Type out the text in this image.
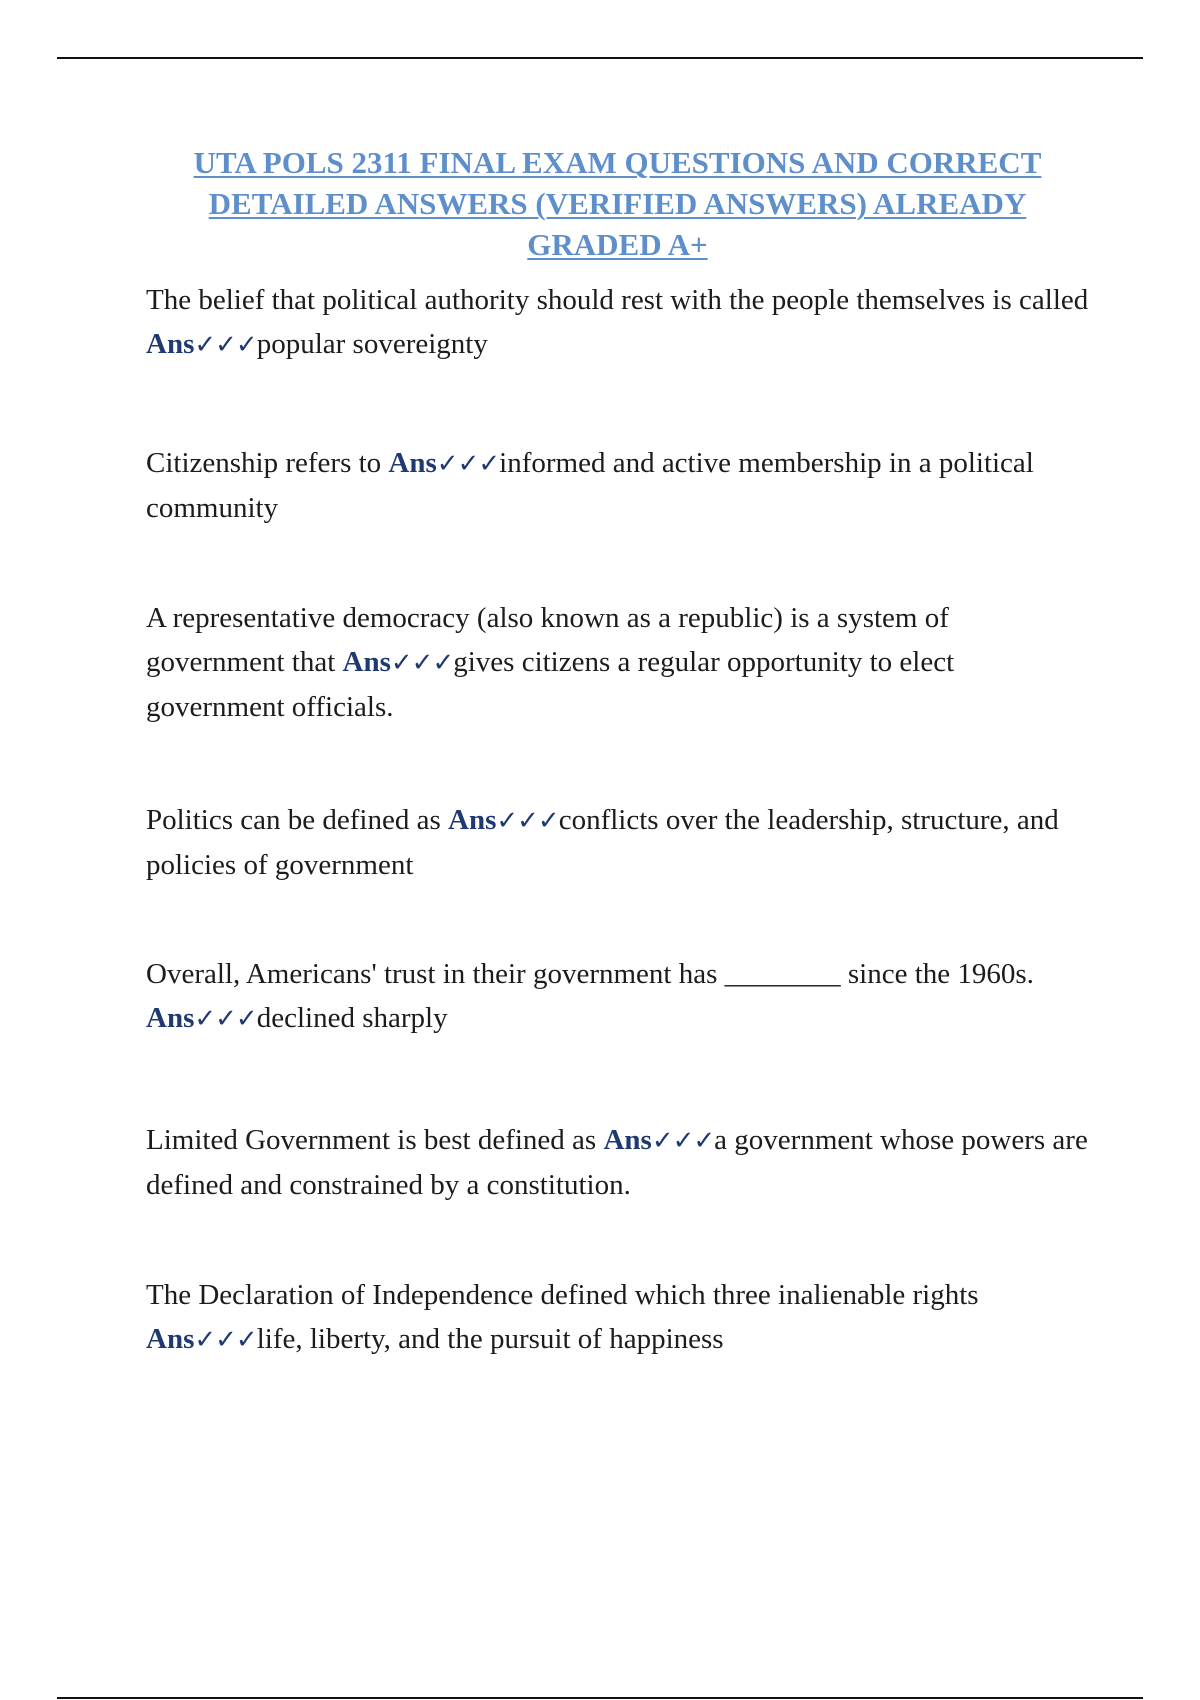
UTA POLS 2311 FINAL EXAM QUESTIONS AND CORRECT DETAILED ANSWERS (VERIFIED ANSWERS) ALREADY GRADED A+

The belief that political authority should rest with the people themselves is called Ans✓✓✓popular sovereignty

Citizenship refers to Ans✓✓✓informed and active membership in a political community

A representative democracy (also known as a republic) is a system of government that Ans✓✓✓gives citizens a regular opportunity to elect government officials.

Politics can be defined as Ans✓✓✓conflicts over the leadership, structure, and policies of government

Overall, Americans' trust in their government has ________ since the 1960s. Ans✓✓✓declined sharply

Limited Government is best defined as Ans✓✓✓a government whose powers are defined and constrained by a constitution.

The Declaration of Independence defined which three inalienable rights Ans✓✓✓life, liberty, and the pursuit of happiness
